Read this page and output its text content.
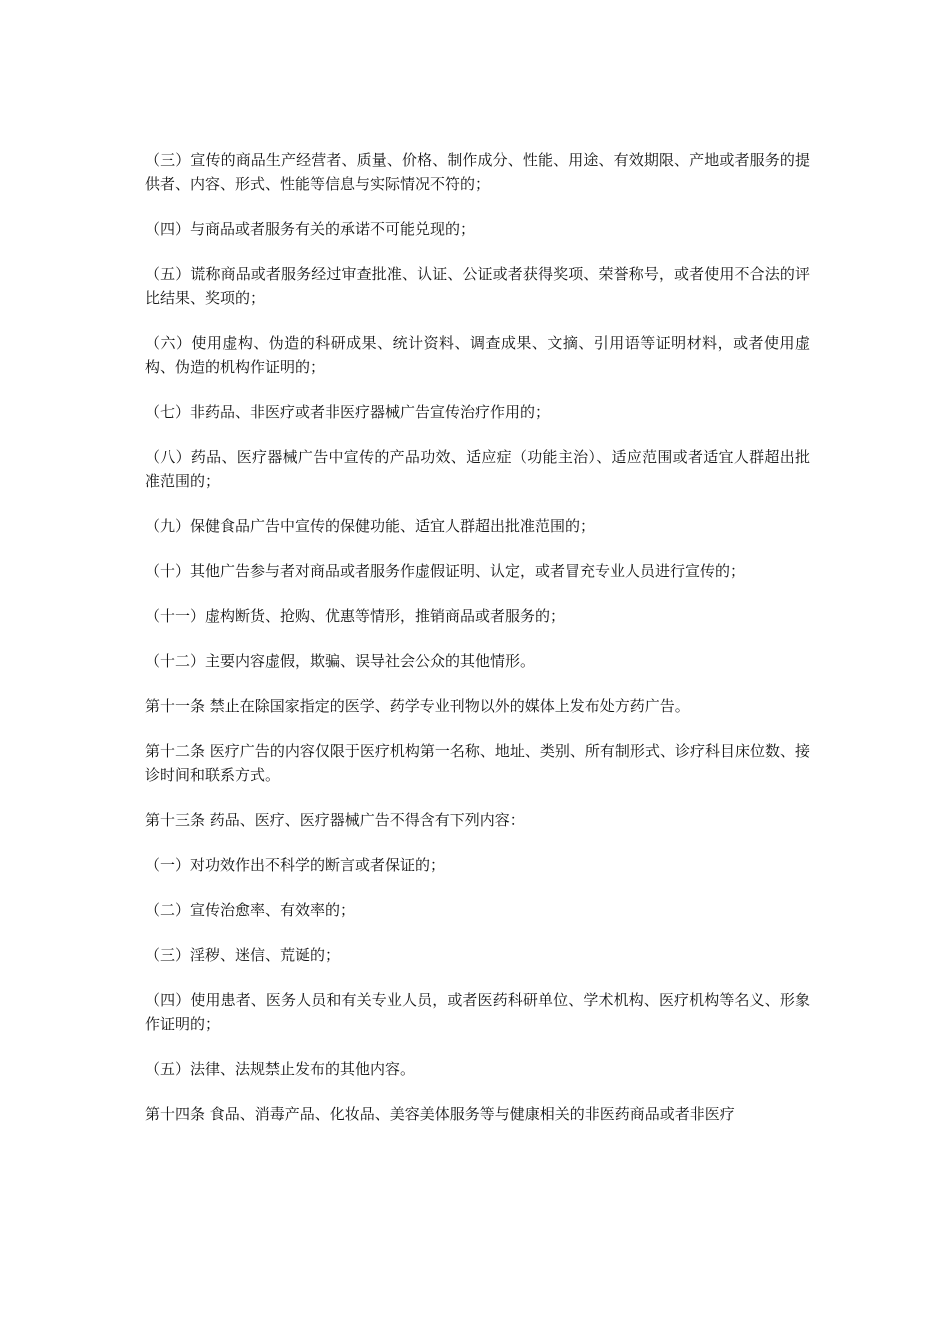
（三）宣传的商品生产经营者、质量、价格、制作成分、性能、用途、有效期限、产地或者服务的提供者、内容、形式、性能等信息与实际情况不符的；

（四）与商品或者服务有关的承诺不可能兑现的；

（五）谎称商品或者服务经过审查批准、认证、公证或者获得奖项、荣誉称号，或者使用不合法的评比结果、奖项的；

（六）使用虚构、伪造的科研成果、统计资料、调查成果、文摘、引用语等证明材料，或者使用虚构、伪造的机构作证明的；

（七）非药品、非医疗或者非医疗器械广告宣传治疗作用的；

（八）药品、医疗器械广告中宣传的产品功效、适应症（功能主治）、适应范围或者适宜人群超出批准范围的；

（九）保健食品广告中宣传的保健功能、适宜人群超出批准范围的；

（十）其他广告参与者对商品或者服务作虚假证明、认定，或者冒充专业人员进行宣传的；

（十一）虚构断货、抢购、优惠等情形，推销商品或者服务的；

（十二）主要内容虚假，欺骗、误导社会公众的其他情形。

第十一条 禁止在除国家指定的医学、药学专业刊物以外的媒体上发布处方药广告。

第十二条 医疗广告的内容仅限于医疗机构第一名称、地址、类别、所有制形式、诊疗科目床位数、接诊时间和联系方式。

第十三条 药品、医疗、医疗器械广告不得含有下列内容：

（一）对功效作出不科学的断言或者保证的；

（二）宣传治愈率、有效率的；

（三）淫秽、迷信、荒诞的；

（四）使用患者、医务人员和有关专业人员，或者医药科研单位、学术机构、医疗机构等名义、形象作证明的；

（五）法律、法规禁止发布的其他内容。

第十四条 食品、消毒产品、化妆品、美容美体服务等与健康相关的非医药商品或者非医疗
